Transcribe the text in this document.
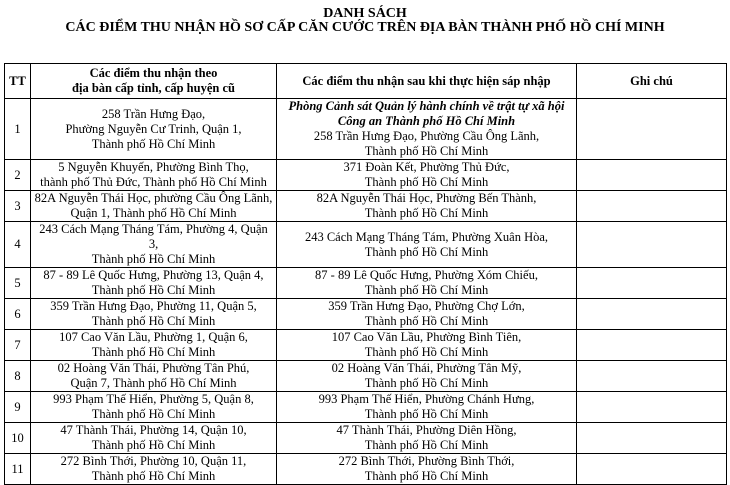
DANH SÁCH
CÁC ĐIỂM THU NHẬN HỒ SƠ CẤP CĂN CƯỚC TRÊN ĐỊA BÀN THÀNH PHỐ HỒ CHÍ MINH
TT	Các điểm thu nhận theo
địa bàn cấp tỉnh, cấp huyện cũ	Các điểm thu nhận sau khi thực hiện sáp nhập	Ghi chú
1	258 Trần Hưng Đạo,
Phường Nguyễn Cư Trinh, Quận 1,
Thành phố Hồ Chí Minh	Phòng Cảnh sát Quản lý hành chính về trật tự xã hội
Công an Thành phố Hồ Chí Minh
258 Trần Hưng Đạo, Phường Cầu Ông Lãnh,
Thành phố Hồ Chí Minh	

2	5 Nguyễn Khuyến, Phường Bình Thọ,
thành phố Thủ Đức, Thành phố Hồ Chí Minh	371 Đoàn Kết, Phường Thủ Đức,
Thành phố Hồ Chí Minh	

3	82A Nguyễn Thái Học, phường Cầu Ông Lãnh,
Quận 1, Thành phố Hồ Chí Minh	82A Nguyễn Thái Học, Phường Bến Thành,
Thành phố Hồ Chí Minh	

4	243 Cách Mạng Tháng Tám, Phường 4, Quận 3,
Thành phố Hồ Chí Minh	243 Cách Mạng Tháng Tám, Phường Xuân Hòa,
Thành phố Hồ Chí Minh	

5	87 - 89 Lê Quốc Hưng, Phường 13, Quận 4,
Thành phố Hồ Chí Minh	87 - 89 Lê Quốc Hưng, Phường Xóm Chiếu,
Thành phố Hồ Chí Minh	

6	359 Trần Hưng Đạo, Phường 11, Quận 5,
Thành phố Hồ Chí Minh	359 Trần Hưng Đạo, Phường Chợ Lớn,
Thành phố Hồ Chí Minh	

7	107 Cao Văn Lầu, Phường 1, Quận 6,
Thành phố Hồ Chí Minh	107 Cao Văn Lầu, Phường Bình Tiên,
Thành phố Hồ Chí Minh	

8	02 Hoàng Văn Thái, Phường Tân Phú,
Quận 7, Thành phố Hồ Chí Minh	02 Hoàng Văn Thái, Phường Tân Mỹ,
Thành phố Hồ Chí Minh	

9	993 Phạm Thế Hiển, Phường 5, Quận 8,
Thành phố Hồ Chí Minh	993 Phạm Thế Hiển, Phường Chánh Hưng,
Thành phố Hồ Chí Minh	

10	47 Thành Thái, Phường 14, Quận 10,
Thành phố Hồ Chí Minh	47 Thành Thái, Phường Diên Hồng,
Thành phố Hồ Chí Minh	

11	272 Bình Thới, Phường 10, Quận 11,
Thành phố Hồ Chí Minh	272 Bình Thới, Phường Bình Thới,
Thành phố Hồ Chí Minh	
